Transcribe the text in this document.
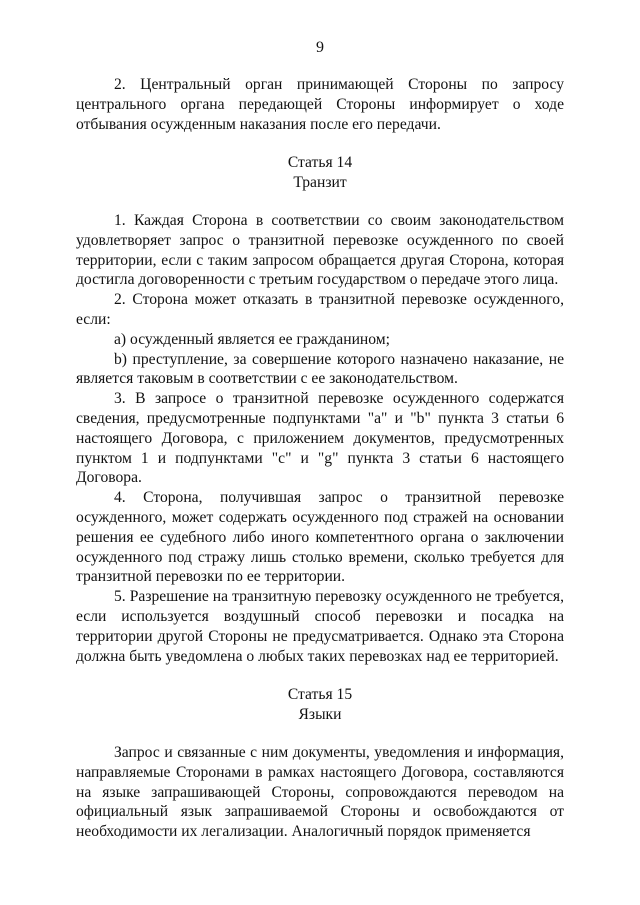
9

2. Центральный орган принимающей Стороны по запросу центрального органа передающей Стороны информирует о ходе отбывания осужденным наказания после его передачи.

Статья 14
Транзит

1. Каждая Сторона в соответствии со своим законодательством удовлетворяет запрос о транзитной перевозке осужденного по своей территории, если с таким запросом обращается другая Сторона, которая достигла договоренности с третьим государством о передаче этого лица.

2. Сторона может отказать в транзитной перевозке осужденного, если:

a) осужденный является ее гражданином;

b) преступление, за совершение которого назначено наказание, не является таковым в соответствии с ее законодательством.

3. В запросе о транзитной перевозке осужденного содержатся сведения, предусмотренные подпунктами "a" и "b" пункта 3 статьи 6 настоящего Договора, с приложением документов, предусмотренных пунктом 1 и подпунктами "c" и "g" пункта 3 статьи 6 настоящего Договора.

4. Сторона, получившая запрос о транзитной перевозке осужденного, может содержать осужденного под стражей на основании решения ее судебного либо иного компетентного органа о заключении осужденного под стражу лишь столько времени, сколько требуется для транзитной перевозки по ее территории.

5. Разрешение на транзитную перевозку осужденного не требуется, если используется воздушный способ перевозки и посадка на территории другой Стороны не предусматривается. Однако эта Сторона должна быть уведомлена о любых таких перевозках над ее территорией.

Статья 15
Языки

Запрос и связанные с ним документы, уведомления и информация, направляемые Сторонами в рамках настоящего Договора, составляются на языке запрашивающей Стороны, сопровождаются переводом на официальный язык запрашиваемой Стороны и освобождаются от необходимости их легализации. Аналогичный порядок применяется
